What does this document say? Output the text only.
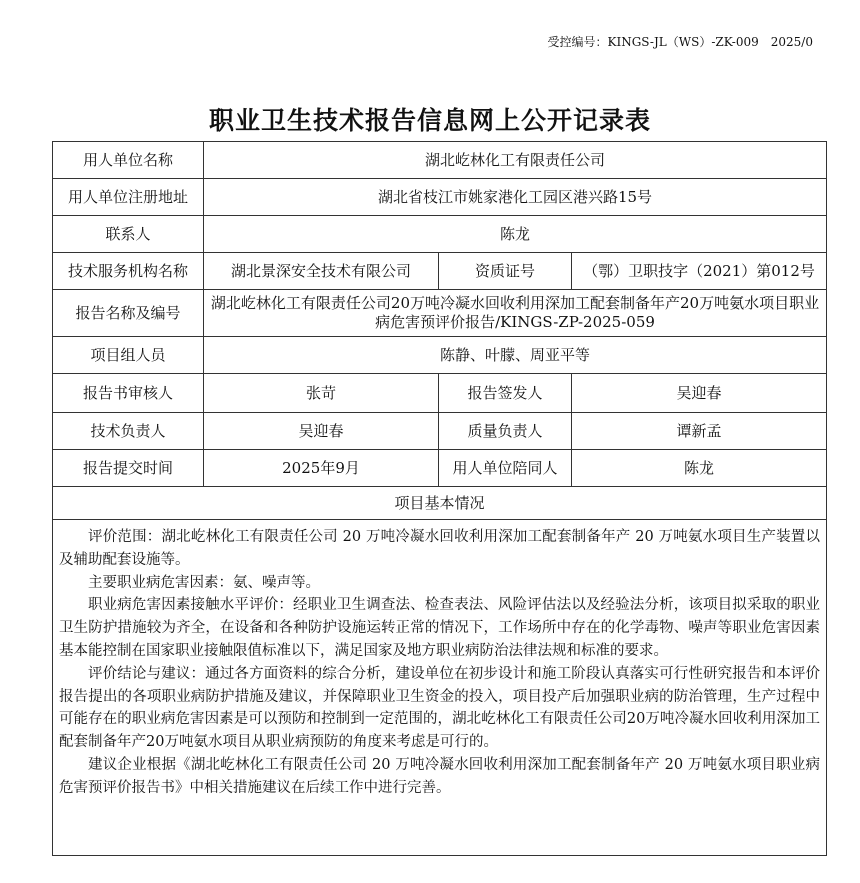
受控编号：KINGS-JL（WS）-ZK-009　2025/0
职业卫生技术报告信息网上公开记录表
用人单位名称	湖北屹林化工有限责任公司		
用人单位注册地址	湖北省枝江市姚家港化工园区港兴路15号		
联系人	陈龙		
技术服务机构名称	湖北景深安全技术有限公司	资质证号	（鄂）卫职技字（2021）第012号
报告名称及编号	湖北屹林化工有限责任公司20万吨冷凝水回收利用深加工配套制备年产20万吨氨水项目职业病危害预评价报告/KINGS-ZP-2025-059		
项目组人员	陈静、叶朦、周亚平等		
报告书审核人	张苛	报告签发人	吴迎春
技术负责人	吴迎春	质量负责人	谭新孟
报告提交时间	2025年9月	用人单位陪同人	陈龙
项目基本情况			

评价范围：湖北屹林化工有限责任公司 20 万吨冷凝水回收利用深加工配套制备年产 20 万吨氨水项目生产装置以及辅助配套设施等。

主要职业病危害因素：氨、噪声等。

职业病危害因素接触水平评价：经职业卫生调查法、检查表法、风险评估法以及经验法分析，该项目拟采取的职业卫生防护措施较为齐全，在设备和各种防护设施运转正常的情况下，工作场所中存在的化学毒物、噪声等职业危害因素基本能控制在国家职业接触限值标准以下，满足国家及地方职业病防治法律法规和标准的要求。

评价结论与建议：通过各方面资料的综合分析，建设单位在初步设计和施工阶段认真落实可行性研究报告和本评价报告提出的各项职业病防护措施及建议，并保障职业卫生资金的投入，项目投产后加强职业病的防治管理，生产过程中可能存在的职业病危害因素是可以预防和控制到一定范围的，湖北屹林化工有限责任公司20万吨冷凝水回收利用深加工配套制备年产20万吨氨水项目从职业病预防的角度来考虑是可行的。

建议企业根据《湖北屹林化工有限责任公司 20 万吨冷凝水回收利用深加工配套制备年产 20 万吨氨水项目职业病危害预评价报告书》中相关措施建议在后续工作中进行完善。			
